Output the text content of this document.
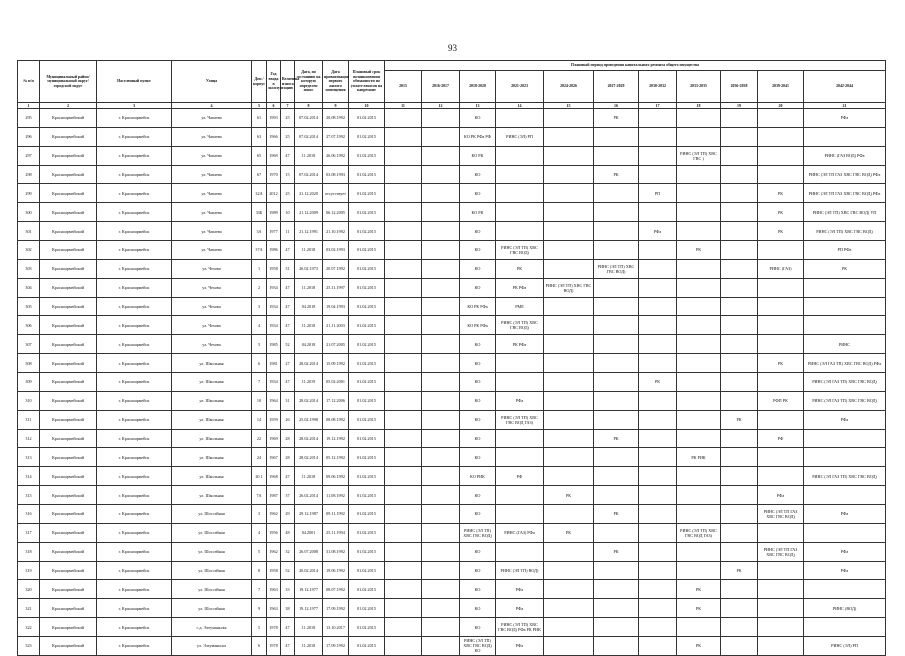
93
№ п/п	Муниципальный район/ муниципальный округ/городской округ	Населенный пункт	Улица	Дом / корпус	Год ввода в эксплуатацию	Величина износа	Дата, по состоянию на которую определен износ	Дата приватизации первого жилого помещения	Плановый срок возникновения обязанности по уплате взносов на капремонт	Плановый период проведения капитального ремонта общего имущества										
										2015	2016-2017	2018-2020	2021-2023	2024-2026	2027-2029	2030-2032	2033-2035	2036-2038	2039-2041	2042-2044
1	2	3	4	5	6	7	8	9	10	11	12	13	14	15	16	17	18	19	20	21
295	Красноармейский	г. Красноармейск	ул. Чапаева	61	1993	25	07.02.2014	20.08.1992	01.02.2015			КО			РК					РФа
296	Красноармейский	г. Красноармейск	ул. Чапаева	63	1966	25	07.02.2014	27.07.1992	01.02.2015			КО РК РФа РФ	РИНС (ЭЛ) РП							
297	Красноармейский	г. Красноармейск	ул. Чапаева	65	1969	47	11.2018	26.06.1992	01.02.2015			КО РК					РИНС (ЭЛ ТП) ХВС ГВС )			РИНС (ГАЗ ВОД) РФа
298	Красноармейский	г. Красноармейск	ул. Чапаева	67	1970	15	07.02.2014	03.08.1993	01.02.2015			КО			РК					РИНС (ЭЛ ТП ГАЗ ХВС ГВС ВОД) РФа
299	Красноармейский	г. Красноармейск	ул. Чапаева	32А	2012	25	21.12.2020	отсутствует	01.02.2015			КО				РП			РК	РИНС (ЭЛ ТП ГАЗ ХВС ГВС ВОД) РФа
300	Красноармейский	г. Красноармейск	ул. Чапаева	33Б	1989	10	21.12.2009	06.12.2005	01.02.2015			КО РК							РК	РИНС (ЭЛ ТП) ХВС ГВС ВОД) УП
301	Красноармейский	г. Красноармейск	ул. Чапаева	3А	1977	11	21.12.1991	21.10.1992	01.02.2015			КО				РФа			РК	РИНС (ЭЛ ТП) ХВС ГВС ВОД)
302	Красноармейский	г. Красноармейск	ул. Чапаева	37А	1986	47	11.2018	03.02.1993	01.02.2015			КО	РИНС (ЭЛ ТП) ХВС ГВС ВОД)				РК			РП РФа
303	Красноармейский	г. Красноармейск	ул. Чехова	1	1958	31	26.02.1973	20.07.1992	01.02.2015			КО	РК		РИНС (ЭЛ ТП) ХВС ГВС ВОД)				РИНС (ГАЗ)	РК
304	Красноармейский	г. Красноармейск	ул. Чехова	2	1934	47	11.2018	25.11.1997	01.02.2015			КО	РК РФа	РИНС (ЭЛ ТП) ХВС ГВС ВОД)						
305	Красноармейский	г. Красноармейск	ул. Чехова	3	1934	47	04.2018	19.04.1993	01.02.2015			КО РК РФа	РМЕ							
306	Красноармейский	г. Красноармейск	ул. Чехова	4	1934	47	11.2018	21.11.2003	01.02.2015			КО РК РФа	РИНС (ЭЛ ТП) ХВС ГВС ВОД)							
307	Красноармейский	г. Красноармейск	ул. Чехова	5	1985	52	04.2018	21.07.2005	01.02.2015			КО	РК РФа							РИНС
308	Красноармейский	г. Красноармейск	ул. Школьная	6	1981	27	28.02.2014	15.09.1992	01.02.2015			КО							РК	РИНС (ЭЛ ГАЗ ТП) ХВС ГВС ВОД) РФа
309	Красноармейский	г. Красноармейск	ул. Школьная	7	1934	47	11.2019	05.02.2001	01.02.2015			КО				РК				РИНС (ЭЛ ГАЗ ТП) ХВС ГВС ВОД)
310	Красноармейский	г. Красноармейск	ул. Школьная	10	1964	31	28.02.2014	17.12.2006	01.02.2015			КО	РФа						РФП РК	РИНС (ЭЛ ГАЗ ТП) ХВС ГВС ВОД)
311	Красноармейский	г. Красноармейск	ул. Школьная	14	1959	26	25.02.1998	08.08.1992	01.02.2015			КО	РИНС (ЭЛ ТП) ХВС ГВС ВОД ГАЗ)					РК		РФа
312	Красноармейский	г. Красноармейск	ул. Школьная	22	1969	28	28.02.2014	19.12.1992	01.02.2015			КО			РК				РФ	
313	Красноармейский	г. Красноармейск	ул. Школьная	24	1967	28	28.02.2014	05.12.1992	01.02.2015			КО					РК РИК			
314	Красноармейский	г. Красноармейск	ул. Школьная	20 1	1968	47	11.2018	09.06.1992	01.02.2015			КО РИК	РФ							РИНС (ЭЛ ГАЗ ТП) ХВС ГВС ВОД)
315	Красноармейский	г. Красноармейск	ул. Школьная	7А	1987	37	26.02.2014	11.08.1992	01.02.2015			КО		РК					РФа	
316	Красноармейский	г. Красноармейск	ул. Шоссейная	3	1962	29	29.12.1987	09.11.1992	01.02.2015			КО			РК				РИНС (ЭЛ ТП ГАЗ ХВС ГВС ВОД)	РФа
317	Красноармейский	г. Красноармейск	ул. Шоссейная	4	1956	48	04.2001	25.11.1994	01.02.2015			РИНС (ЭЛ ТП) ХВС ГВС ВОД)	РИНС (ГАЗ) РФа	РК			РИНС (ЭЛ ТП) ХВС ГВС ВОД ГАЗ)			
318	Красноармейский	г. Красноармейск	ул. Шоссейная	5	1962	32	26.07.2008	31.08.1992	01.02.2015			КО			РК				РИНС (ЭЛ ТП ГАЗ ХВС ГВС ВОД)	РФа
319	Красноармейский	г. Красноармейск	ул. Шоссейная	8	1958	52	20.02.2014	19.06.1992	01.02.2015			КО	РИНС (ЭЛ ТП) ВОД)					РК		РФа
320	Красноармейский	г. Красноармейск	ул. Шоссейная	7	1963	33	19.12.1977	08.07.1992	01.02.2015			КО	РФа				РК			
321	Красноармейский	г. Красноармейск	ул. Шоссейная	9	1963	38	19.12.1977	17.09.1992	01.02.2015			КО	РФа				РК			РИНС (ВОД)
322	Красноармейский	г. Красноармейск	с.д. Элеуманьска	5	1978	47	11.2018	13.10.2017	01.02.2015			КО	РИНС (ЭЛ ТП) ХВС ГВС ВОД) РФа РК РИК							
323	Красноармейский	г. Красноармейск	ул. Элеуманьска	6	1978	47	11.2018	17.09.1992	01.02.2015			РИНС (ЭЛ ТП) ХВС ГВС ВОД) КО	РФа				РК			РИНС (ЭЛ) РП
